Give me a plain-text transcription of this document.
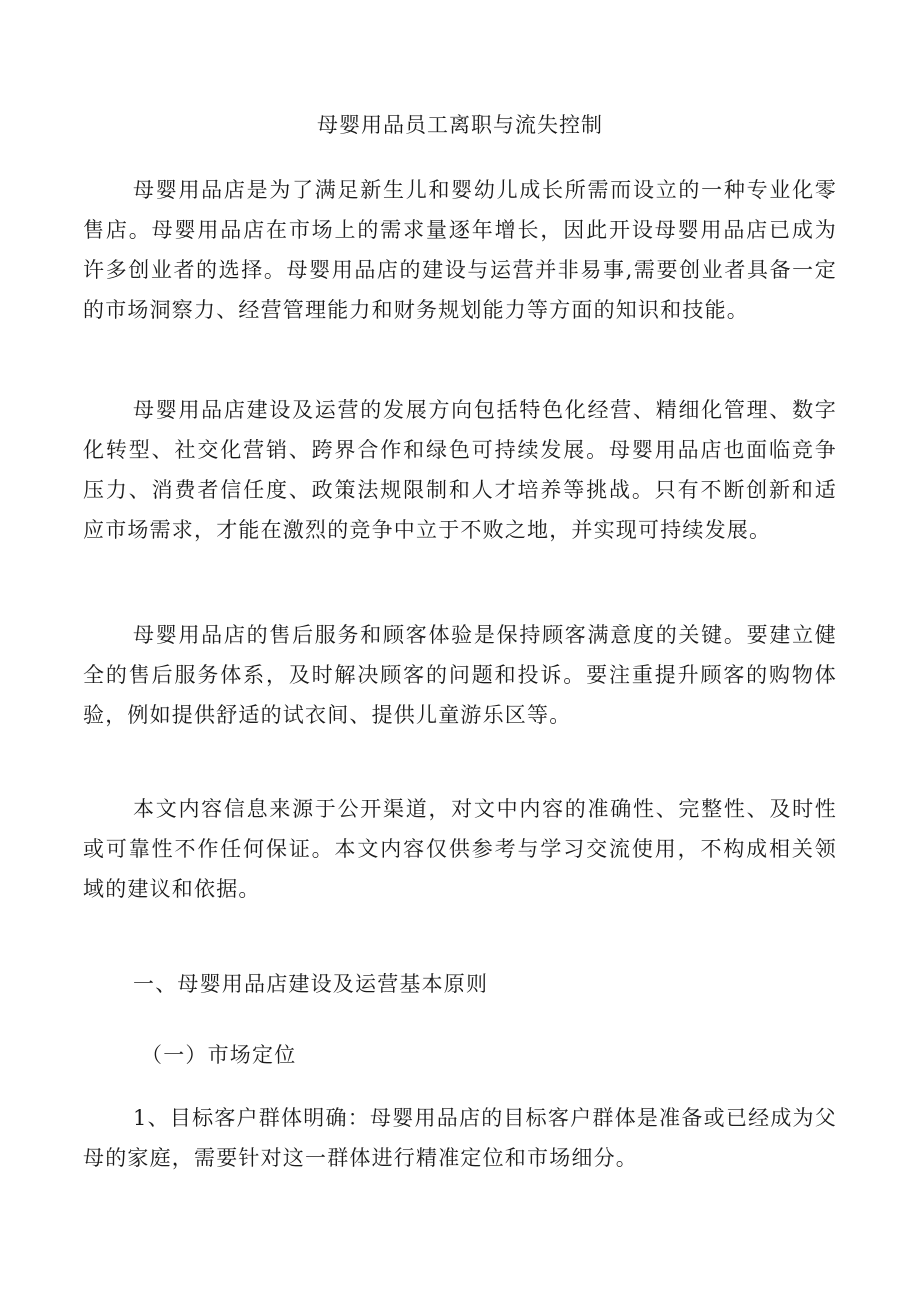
母婴用品员工离职与流失控制

母婴用品店是为了满足新生儿和婴幼儿成长所需而设立的一种专业化零售店。母婴用品店在市场上的需求量逐年增长，因此开设母婴用品店已成为许多创业者的选择。母婴用品店的建设与运营并非易事,需要创业者具备一定的市场洞察力、经营管理能力和财务规划能力等方面的知识和技能。

母婴用品店建设及运营的发展方向包括特色化经营、精细化管理、数字化转型、社交化营销、跨界合作和绿色可持续发展。母婴用品店也面临竞争压力、消费者信任度、政策法规限制和人才培养等挑战。只有不断创新和适应市场需求，才能在激烈的竞争中立于不败之地，并实现可持续发展。

母婴用品店的售后服务和顾客体验是保持顾客满意度的关键。要建立健全的售后服务体系，及时解决顾客的问题和投诉。要注重提升顾客的购物体验，例如提供舒适的试衣间、提供儿童游乐区等。

本文内容信息来源于公开渠道，对文中内容的准确性、完整性、及时性或可靠性不作任何保证。本文内容仅供参考与学习交流使用，不构成相关领域的建议和依据。

一、母婴用品店建设及运营基本原则
（一）市场定位

1、目标客户群体明确：母婴用品店的目标客户群体是准备或已经成为父母的家庭，需要针对这一群体进行精准定位和市场细分。
